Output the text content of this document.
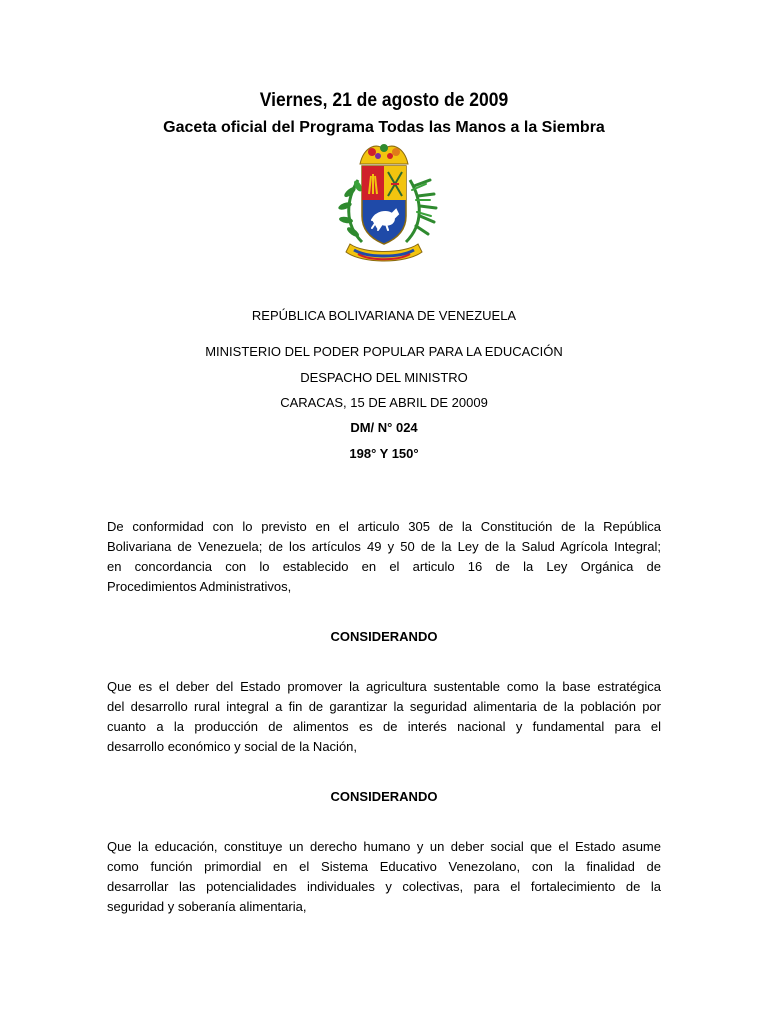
Viernes, 21 de agosto de 2009
Gaceta oficial del Programa Todas las Manos a la Siembra
REPÚBLICA BOLIVARIANA DE VENEZUELA
MINISTERIO DEL PODER POPULAR PARA LA EDUCACIÓN
DESPACHO DEL MINISTRO
CARACAS, 15 DE ABRIL DE 20009
DM/ N° 024
198° Y 150°
De conformidad con lo previsto en el articulo 305 de la Constitución de la República
Bolivariana de Venezuela; de los artículos 49 y 50 de la Ley de la Salud Agrícola Integral;
en concordancia con lo establecido en el articulo 16 de la Ley Orgánica de
Procedimientos Administrativos,
CONSIDERANDO
Que es el deber del Estado promover la agricultura sustentable como la base estratégica
del desarrollo rural integral a fin de garantizar la seguridad alimentaria de la población por
cuanto a la producción de alimentos es de interés nacional y fundamental para el
desarrollo económico y social de la Nación,
CONSIDERANDO
Que la educación, constituye un derecho humano y un deber social que el Estado asume
como función primordial en el Sistema Educativo Venezolano, con la finalidad de
desarrollar las potencialidades individuales y colectivas, para el fortalecimiento de la
seguridad y soberanía alimentaria,
